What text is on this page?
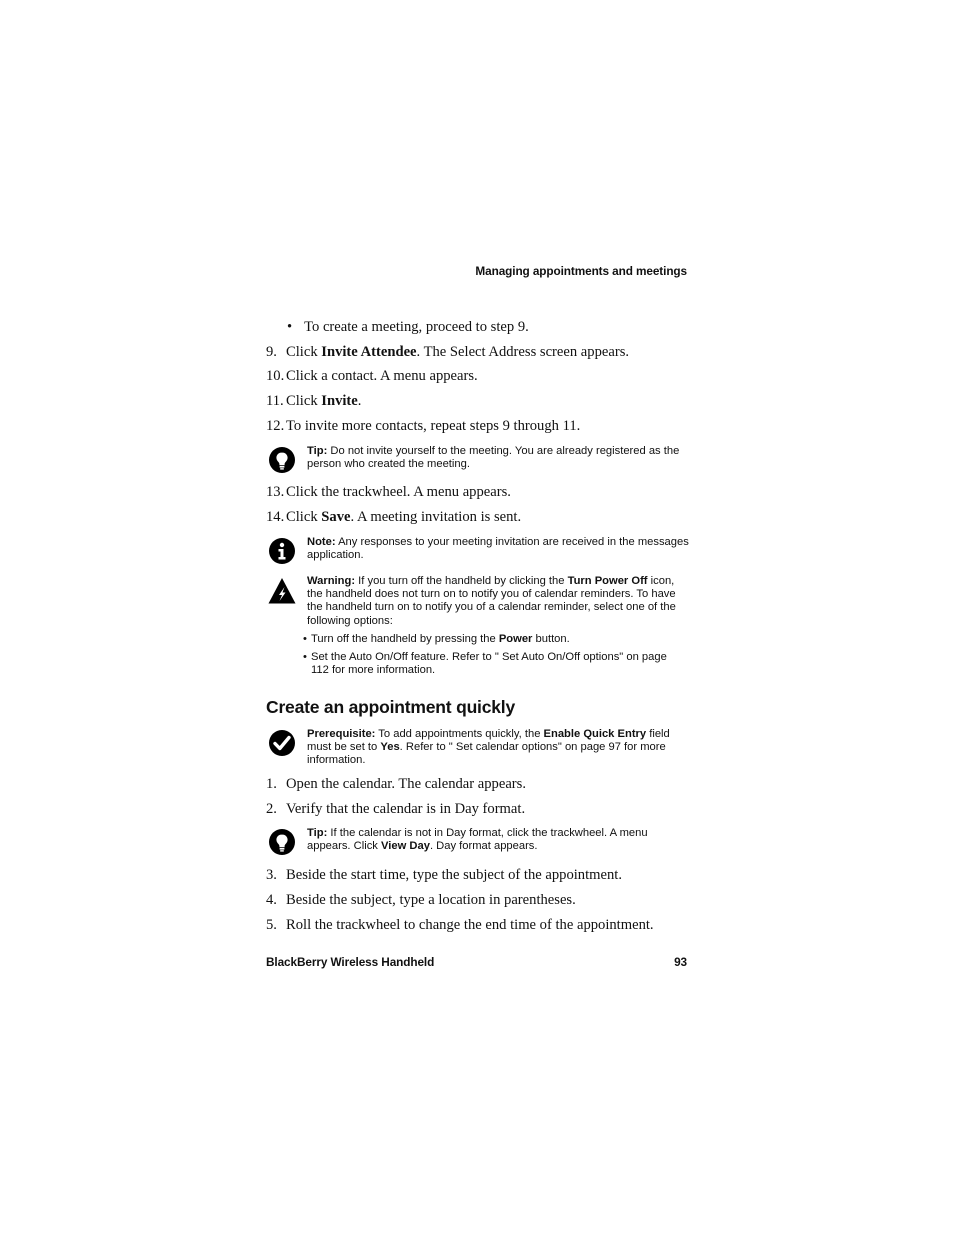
Managing appointments and meetings
• To create a meeting, proceed to step 9.
9. Click Invite Attendee. The Select Address screen appears.
10. Click a contact. A menu appears.
11. Click Invite.
12. To invite more contacts, repeat steps 9 through 11.
Tip: Do not invite yourself to the meeting. You are already registered as the person who created the meeting.
13. Click the trackwheel. A menu appears.
14. Click Save. A meeting invitation is sent.
Note: Any responses to your meeting invitation are received in the messages application.
Warning: If you turn off the handheld by clicking the Turn Power Off icon, the handheld does not turn on to notify you of calendar reminders. To have the handheld turn on to notify you of a calendar reminder, select one of the following options:
• Turn off the handheld by pressing the Power button.
• Set the Auto On/Off feature. Refer to " Set Auto On/Off options" on page 112 for more information.
Create an appointment quickly
Prerequisite: To add appointments quickly, the Enable Quick Entry field must be set to Yes. Refer to " Set calendar options" on page 97 for more information.
1. Open the calendar. The calendar appears.
2. Verify that the calendar is in Day format.
Tip: If the calendar is not in Day format, click the trackwheel. A menu appears. Click View Day. Day format appears.
3. Beside the start time, type the subject of the appointment.
4. Beside the subject, type a location in parentheses.
5. Roll the trackwheel to change the end time of the appointment.
BlackBerry Wireless Handheld	93
